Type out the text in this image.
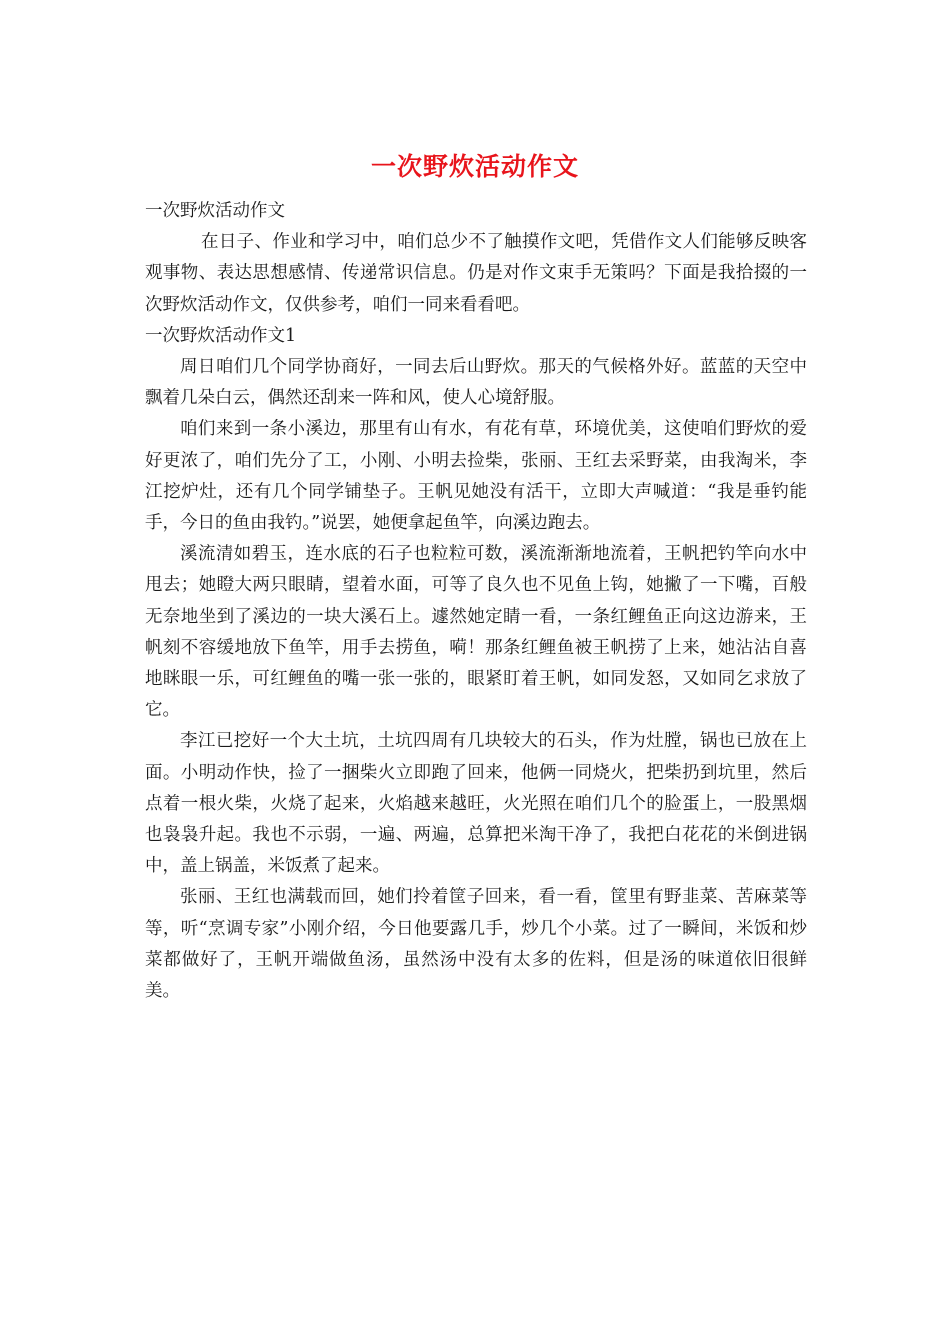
一次野炊活动作文

一次野炊活动作文

在日子、作业和学习中，咱们总少不了触摸作文吧，凭借作文人们能够反映客观事物、表达思想感情、传递常识信息。仍是对作文束手无策吗？下面是我拾掇的一次野炊活动作文，仅供参考，咱们一同来看看吧。

一次野炊活动作文1

周日咱们几个同学协商好，一同去后山野炊。那天的气候格外好。蓝蓝的天空中飘着几朵白云，偶然还刮来一阵和风，使人心境舒服。

咱们来到一条小溪边，那里有山有水，有花有草，环境优美，这使咱们野炊的爱好更浓了，咱们先分了工，小刚、小明去捡柴，张丽、王红去采野菜，由我淘米，李江挖炉灶，还有几个同学铺垫子。王帆见她没有活干，立即大声喊道：“我是垂钓能手，今日的鱼由我钓。”说罢，她便拿起鱼竿，向溪边跑去。

溪流清如碧玉，连水底的石子也粒粒可数，溪流渐渐地流着，王帆把钓竿向水中甩去；她瞪大两只眼睛，望着水面，可等了良久也不见鱼上钩，她撇了一下嘴，百般无奈地坐到了溪边的一块大溪石上。遽然她定睛一看，一条红鲤鱼正向这边游来，王帆刻不容缓地放下鱼竿，用手去捞鱼，嗬！那条红鲤鱼被王帆捞了上来，她沾沾自喜地眯眼一乐，可红鲤鱼的嘴一张一张的，眼紧盯着王帆，如同发怒，又如同乞求放了它。

李江已挖好一个大土坑，土坑四周有几块较大的石头，作为灶膛，锅也已放在上面。小明动作快，捡了一捆柴火立即跑了回来，他俩一同烧火，把柴扔到坑里，然后点着一根火柴，火烧了起来，火焰越来越旺，火光照在咱们几个的脸蛋上，一股黑烟也袅袅升起。我也不示弱，一遍、两遍，总算把米淘干净了，我把白花花的米倒进锅中，盖上锅盖，米饭煮了起来。

张丽、王红也满载而回，她们拎着筐子回来，看一看，筐里有野韭菜、苦麻菜等等，听“烹调专家”小刚介绍，今日他要露几手，炒几个小菜。过了一瞬间，米饭和炒菜都做好了，王帆开端做鱼汤，虽然汤中没有太多的佐料，但是汤的味道依旧很鲜美。
